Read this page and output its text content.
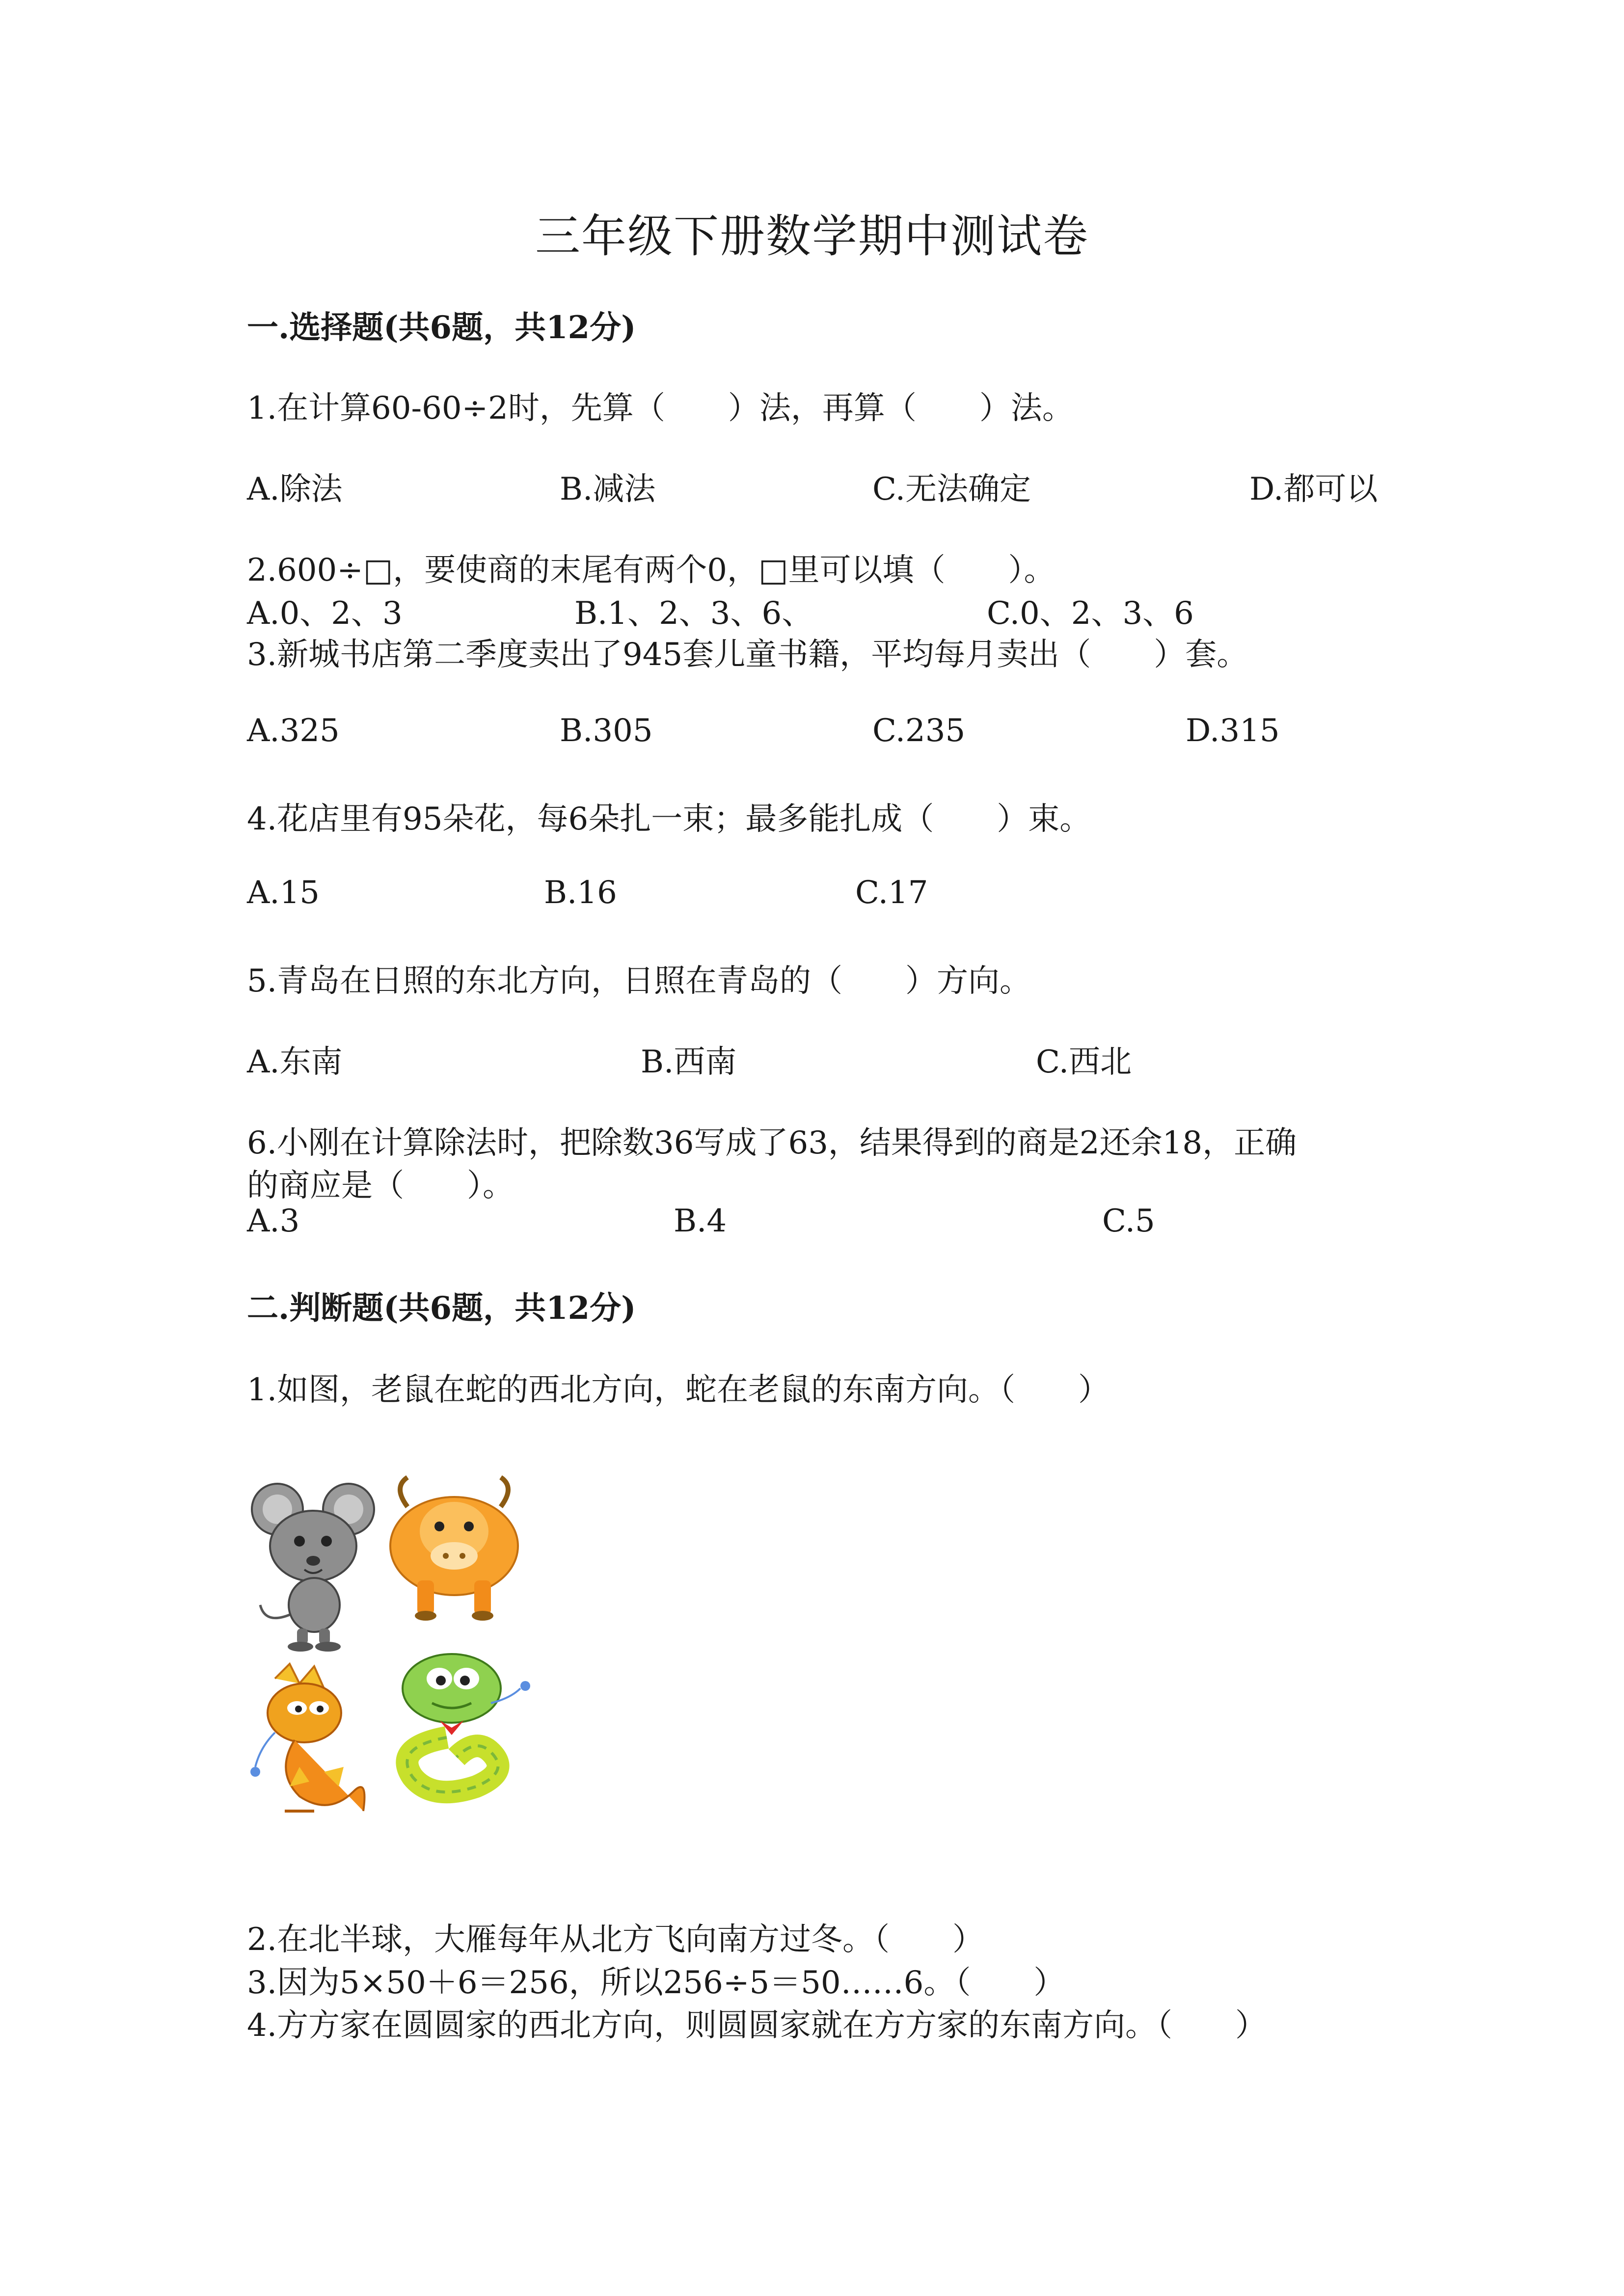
三年级下册数学期中测试卷
一.选择题(共6题，共12分)
1.在计算60-60÷2时，先算（　　）法，再算（　　）法。
A.除法	B.减法	C.无法确定	D.都可以
2.600÷□，要使商的末尾有两个0，□里可以填（　　）。
A.0、2、3	B.1、2、3、6、	C.0、2、3、6
3.新城书店第二季度卖出了945套儿童书籍，平均每月卖出（　　）套。
A.325	B.305	C.235	D.315
4.花店里有95朵花，每6朵扎一束；最多能扎成（　　）束。
A.15	B.16	C.17
5.青岛在日照的东北方向，日照在青岛的（　　）方向。
A.东南	B.西南	C.西北
6.小刚在计算除法时，把除数36写成了63，结果得到的商是2还余18，正确
的商应是（　　）。
A.3	B.4	C.5
二.判断题(共6题，共12分)
1.如图，老鼠在蛇的西北方向，蛇在老鼠的东南方向。（　　）
2.在北半球，大雁每年从北方飞向南方过冬。（　　）
3.因为5×50＋6＝256，所以256÷5＝50……6。（　　）
4.方方家在圆圆家的西北方向，则圆圆家就在方方家的东南方向。（　　）
